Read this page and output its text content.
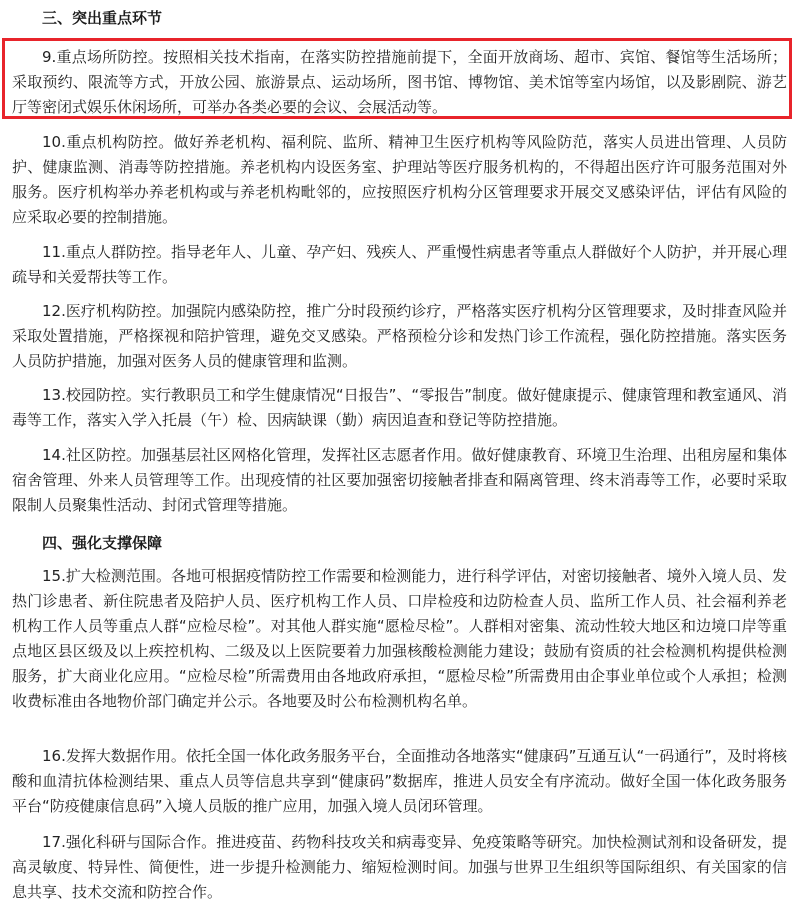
三、突出重点环节

9.重点场所防控。按照相关技术指南，在落实防控措施前提下，全面开放商场、超市、宾馆、餐馆等生活场所；采取预约、限流等方式，开放公园、旅游景点、运动场所，图书馆、博物馆、美术馆等室内场馆，以及影剧院、游艺厅等密闭式娱乐休闲场所，可举办各类必要的会议、会展活动等。

10.重点机构防控。做好养老机构、福利院、监所、精神卫生医疗机构等风险防范，落实人员进出管理、人员防护、健康监测、消毒等防控措施。养老机构内设医务室、护理站等医疗服务机构的，不得超出医疗许可服务范围对外服务。医疗机构举办养老机构或与养老机构毗邻的，应按照医疗机构分区管理要求开展交叉感染评估，评估有风险的应采取必要的控制措施。

11.重点人群防控。指导老年人、儿童、孕产妇、残疾人、严重慢性病患者等重点人群做好个人防护，并开展心理疏导和关爱帮扶等工作。

12.医疗机构防控。加强院内感染防控，推广分时段预约诊疗，严格落实医疗机构分区管理要求，及时排查风险并采取处置措施，严格探视和陪护管理，避免交叉感染。严格预检分诊和发热门诊工作流程，强化防控措施。落实医务人员防护措施，加强对医务人员的健康管理和监测。

13.校园防控。实行教职员工和学生健康情况“日报告”、“零报告”制度。做好健康提示、健康管理和教室通风、消毒等工作，落实入学入托晨（午）检、因病缺课（勤）病因追查和登记等防控措施。

14.社区防控。加强基层社区网格化管理，发挥社区志愿者作用。做好健康教育、环境卫生治理、出租房屋和集体宿舍管理、外来人员管理等工作。出现疫情的社区要加强密切接触者排查和隔离管理、终末消毒等工作，必要时采取限制人员聚集性活动、封闭式管理等措施。

四、强化支撑保障

15.扩大检测范围。各地可根据疫情防控工作需要和检测能力，进行科学评估，对密切接触者、境外入境人员、发热门诊患者、新住院患者及陪护人员、医疗机构工作人员、口岸检疫和边防检查人员、监所工作人员、社会福利养老机构工作人员等重点人群“应检尽检”。对其他人群实施“愿检尽检”。人群相对密集、流动性较大地区和边境口岸等重点地区县区级及以上疾控机构、二级及以上医院要着力加强核酸检测能力建设；鼓励有资质的社会检测机构提供检测服务，扩大商业化应用。“应检尽检”所需费用由各地政府承担，“愿检尽检”所需费用由企事业单位或个人承担；检测收费标准由各地物价部门确定并公示。各地要及时公布检测机构名单。

16.发挥大数据作用。依托全国一体化政务服务平台，全面推动各地落实“健康码”互通互认“一码通行”，及时将核酸和血清抗体检测结果、重点人员等信息共享到“健康码”数据库，推进人员安全有序流动。做好全国一体化政务服务平台“防疫健康信息码”入境人员版的推广应用，加强入境人员闭环管理。

17.强化科研与国际合作。推进疫苗、药物科技攻关和病毒变异、免疫策略等研究。加快检测试剂和设备研发，提高灵敏度、特异性、简便性，进一步提升检测能力、缩短检测时间。加强与世界卫生组织等国际组织、有关国家的信息共享、技术交流和防控合作。
